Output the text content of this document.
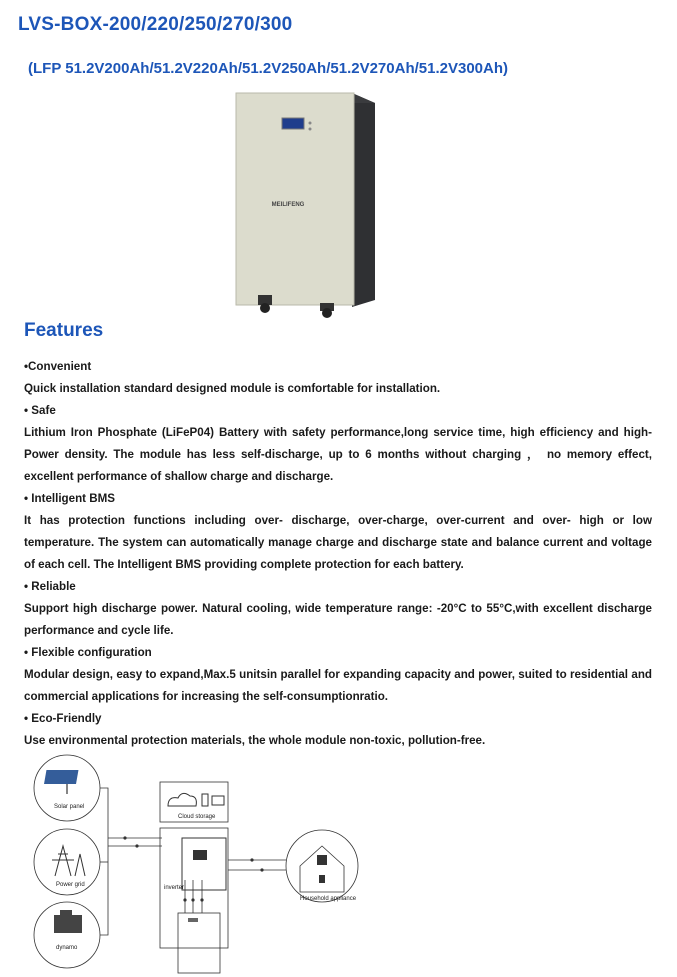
LVS-BOX-200/220/250/270/300
(LFP 51.2V200Ah/51.2V220Ah/51.2V250Ah/51.2V270Ah/51.2V300Ah)
MEILIFENG
Features

•Convenient

Quick installation standard designed module is comfortable for installation.

• Safe

Lithium Iron Phosphate (LiFeP04) Battery with safety performance,long service time, high efficiency and high-Power density. The module has less self-discharge, up to 6 months without charging ， no memory effect, excellent performance of shallow charge and discharge.

• Intelligent BMS

It has protection functions including over- discharge, over-charge, over-current and over- high or low temperature. The system can automatically manage charge and discharge state and balance current and voltage of each cell. The Intelligent BMS providing complete protection for each battery.

• Reliable

Support high discharge power. Natural cooling, wide temperature range: -20°C to 55°C,with excellent discharge performance and cycle life.

• Flexible configuration

Modular design, easy to expand,Max.5 unitsin parallel for expanding capacity and power, suited to residential and commercial applications for increasing the self-consumptionratio.

• Eco-Friendly

Use environmental protection materials, the whole module non-toxic, pollution-free.

Solar panel
Power grid
dynamo
Cloud storage
inverter
Household appliance
